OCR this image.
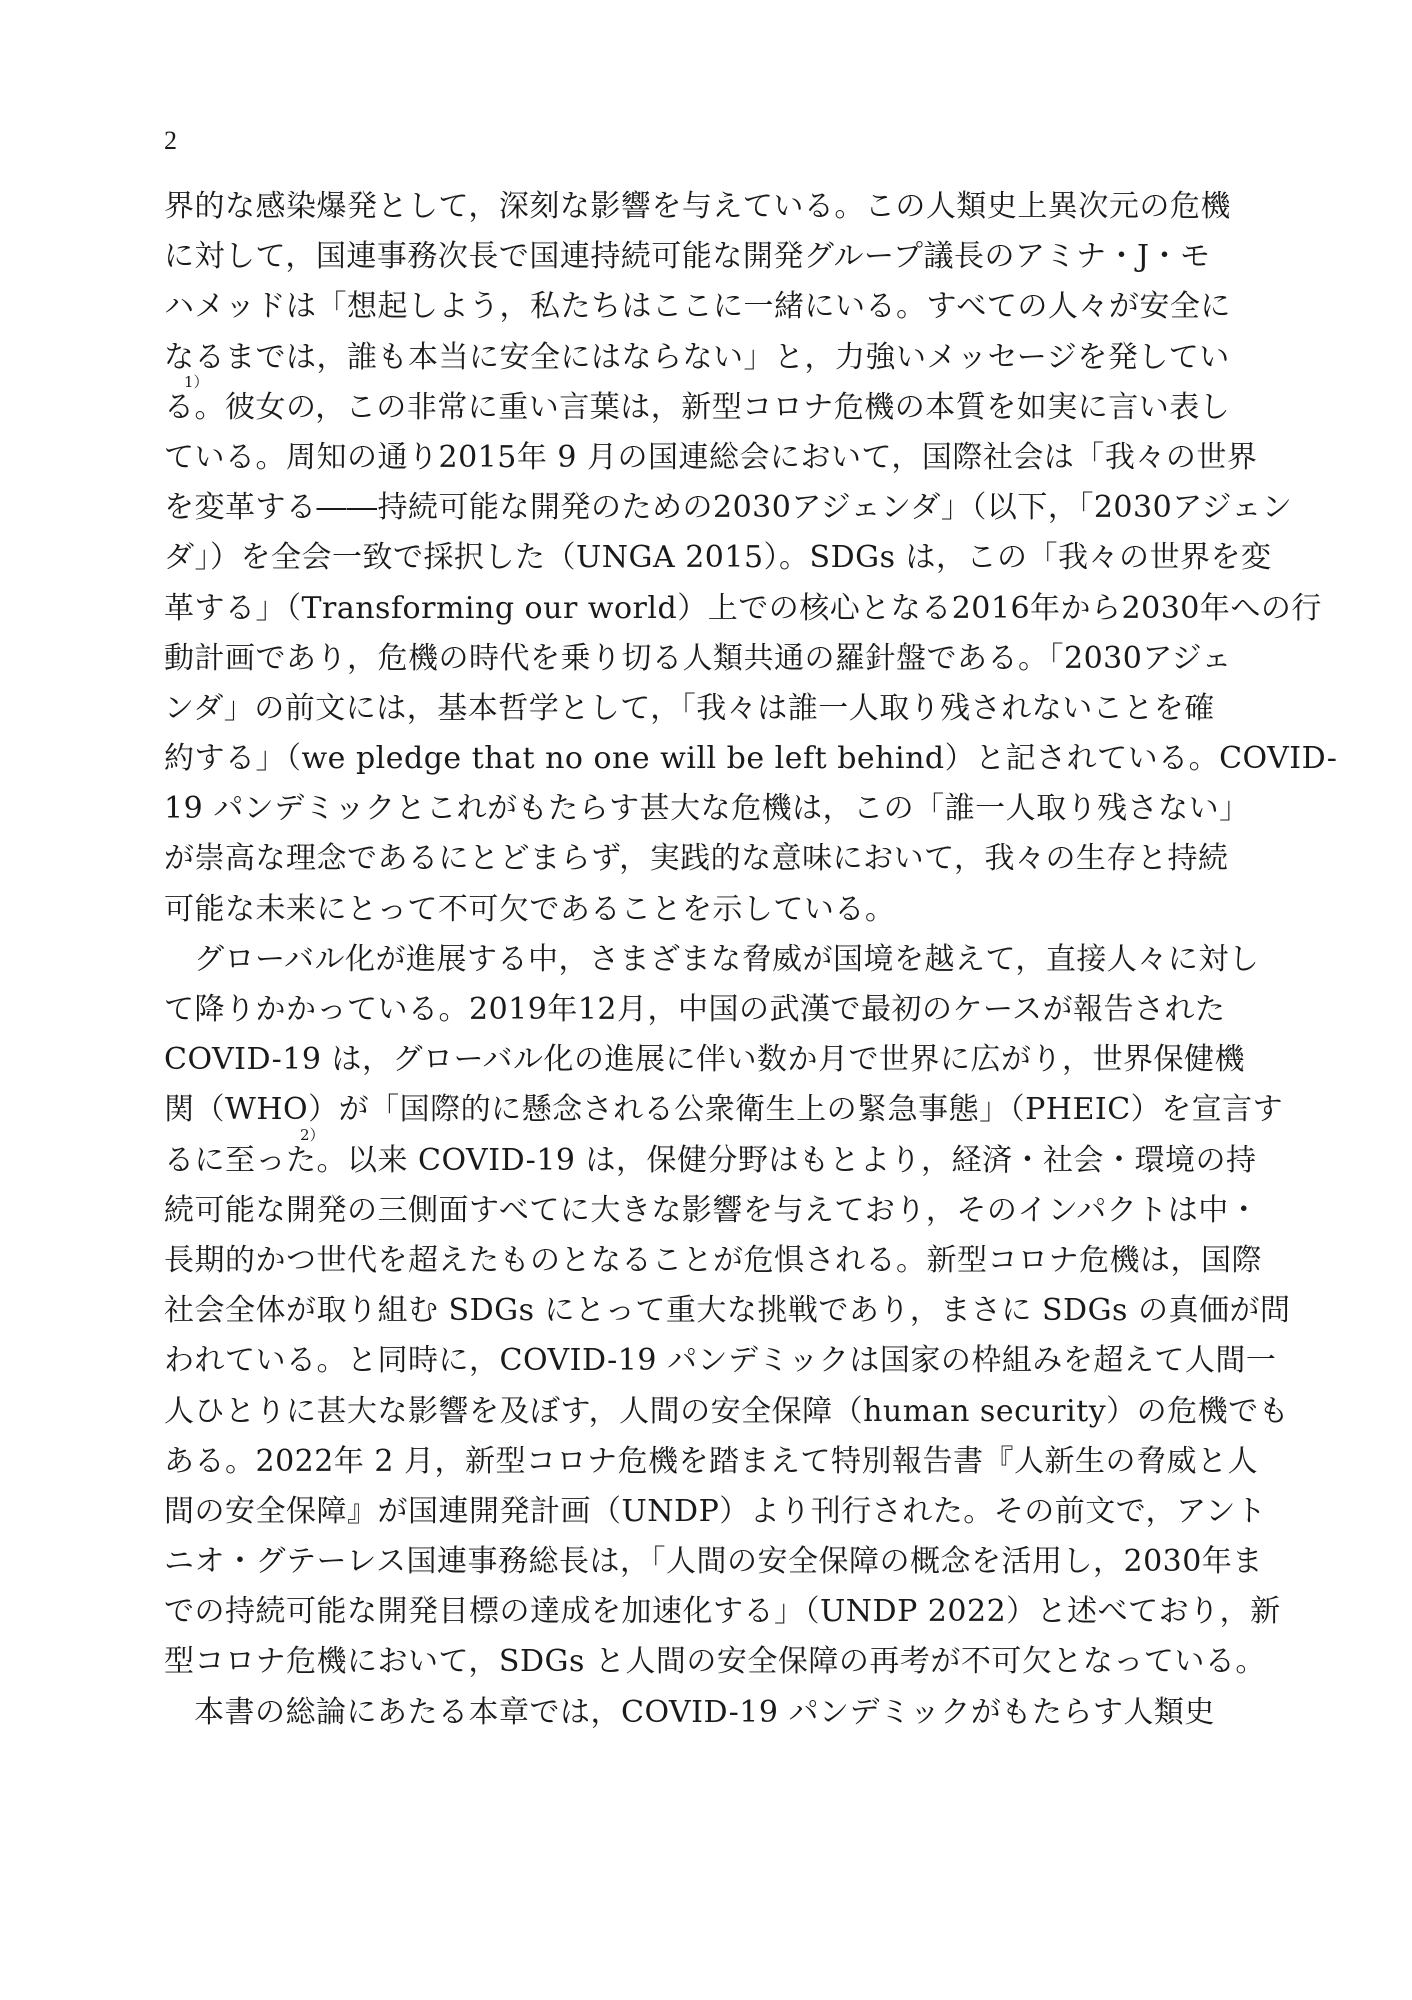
2
界的な感染爆発として，深刻な影響を与えている。この人類史上異次元の危機
に対して，国連事務次長で国連持続可能な開発グループ議長のアミナ・J・モ
ハメッドは「想起しよう，私たちはここに一緒にいる。すべての人々が安全に
なるまでは，誰も本当に安全にはならない」と，力強いメッセージを発してい
1）
る。彼女の，この非常に重い言葉は，新型コロナ危機の本質を如実に言い表し
ている。周知の通り2015年 9 月の国連総会において，国際社会は「我々の世界
を変革する――持続可能な開発のための2030アジェンダ」（以下，「2030アジェン
ダ」）を全会一致で採択した（UNGA 2015）。SDGs は，この「我々の世界を変
革する」（Transforming our world）上での核心となる2016年から2030年への行
動計画であり，危機の時代を乗り切る人類共通の羅針盤である。「2030アジェ
ンダ」の前文には，基本哲学として，「我々は誰一人取り残されないことを確
約する」（we pledge that no one will be left behind）と記されている。COVID-
19 パンデミックとこれがもたらす甚大な危機は，この「誰一人取り残さない」
が崇高な理念であるにとどまらず，実践的な意味において，我々の生存と持続
可能な未来にとって不可欠であることを示している。
グローバル化が進展する中，さまざまな脅威が国境を越えて，直接人々に対し
て降りかかっている。2019年12月，中国の武漢で最初のケースが報告された
COVID-19 は，グローバル化の進展に伴い数か月で世界に広がり，世界保健機
関（WHO）が「国際的に懸念される公衆衛生上の緊急事態」（PHEIC）を宣言す
2）
るに至った。以来 COVID-19 は，保健分野はもとより，経済・社会・環境の持
続可能な開発の三側面すべてに大きな影響を与えており，そのインパクトは中・
長期的かつ世代を超えたものとなることが危惧される。新型コロナ危機は，国際
社会全体が取り組む SDGs にとって重大な挑戦であり，まさに SDGs の真価が問
われている。と同時に，COVID-19 パンデミックは国家の枠組みを超えて人間一
人ひとりに甚大な影響を及ぼす，人間の安全保障（human security）の危機でも
ある。2022年 2 月，新型コロナ危機を踏まえて特別報告書『人新生の脅威と人
間の安全保障』が国連開発計画（UNDP）より刊行された。その前文で，アント
ニオ・グテーレス国連事務総長は，「人間の安全保障の概念を活用し，2030年ま
での持続可能な開発目標の達成を加速化する」（UNDP 2022）と述べており，新
型コロナ危機において，SDGs と人間の安全保障の再考が不可欠となっている。
本書の総論にあたる本章では，COVID-19 パンデミックがもたらす人類史
